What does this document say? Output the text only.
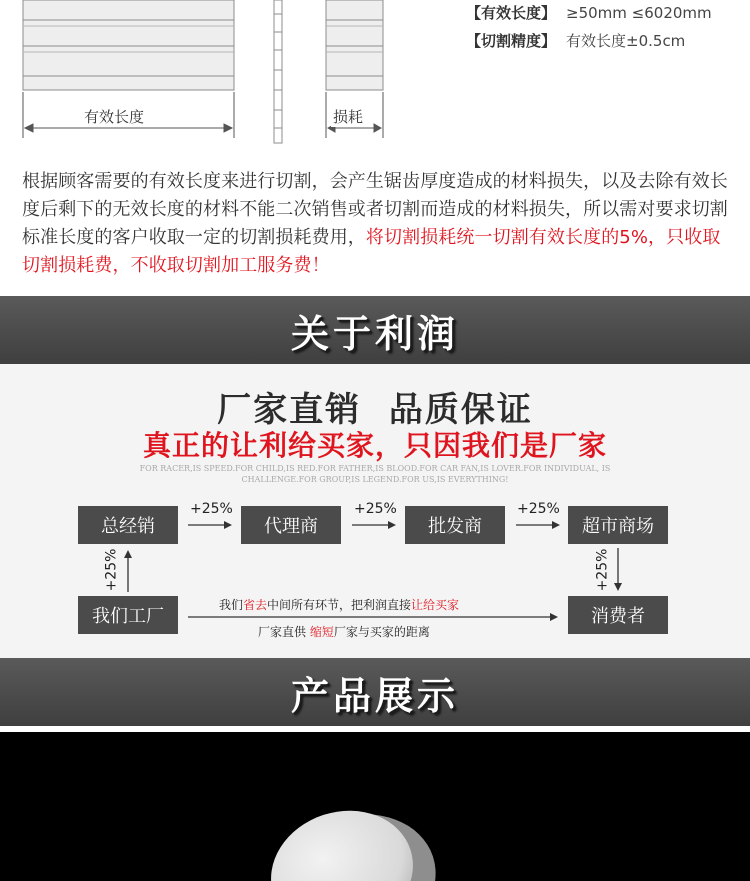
有效长度	损耗
【有效长度】 ≥50mm ≤6020mm
【切割精度】 有效长度±0.5cm
根据顾客需要的有效长度来进行切割，会产生锯齿厚度造成的材料损失，以及去除有效长度后剩下的无效长度的材料不能二次销售或者切割而造成的材料损失，所以需对要求切割标准长度的客户收取一定的切割损耗费用，将切割损耗统一切割有效长度的5%，只收取切割损耗费，不收取切割加工服务费！
关于利润
厂家直销  品质保证
真正的让利给买家，只因我们是厂家
FOR RACER,IS SPEED.FOR CHILD,IS RED.FOR FATHER,IS BLOOD.FOR CAR FAN,IS LOVER.FOR INDIVIDUAL, IS CHALLENGE.FOR GROUP,IS LEGEND.FOR US,IS EVERYTHING!
总经销	代理商	批发商	超市商场
我们工厂	消费者
+25%	+25%	+25%
+25%	+25%
我们省去中间所有环节，把利润直接让给买家
厂家直供 缩短厂家与买家的距离
产品展示
